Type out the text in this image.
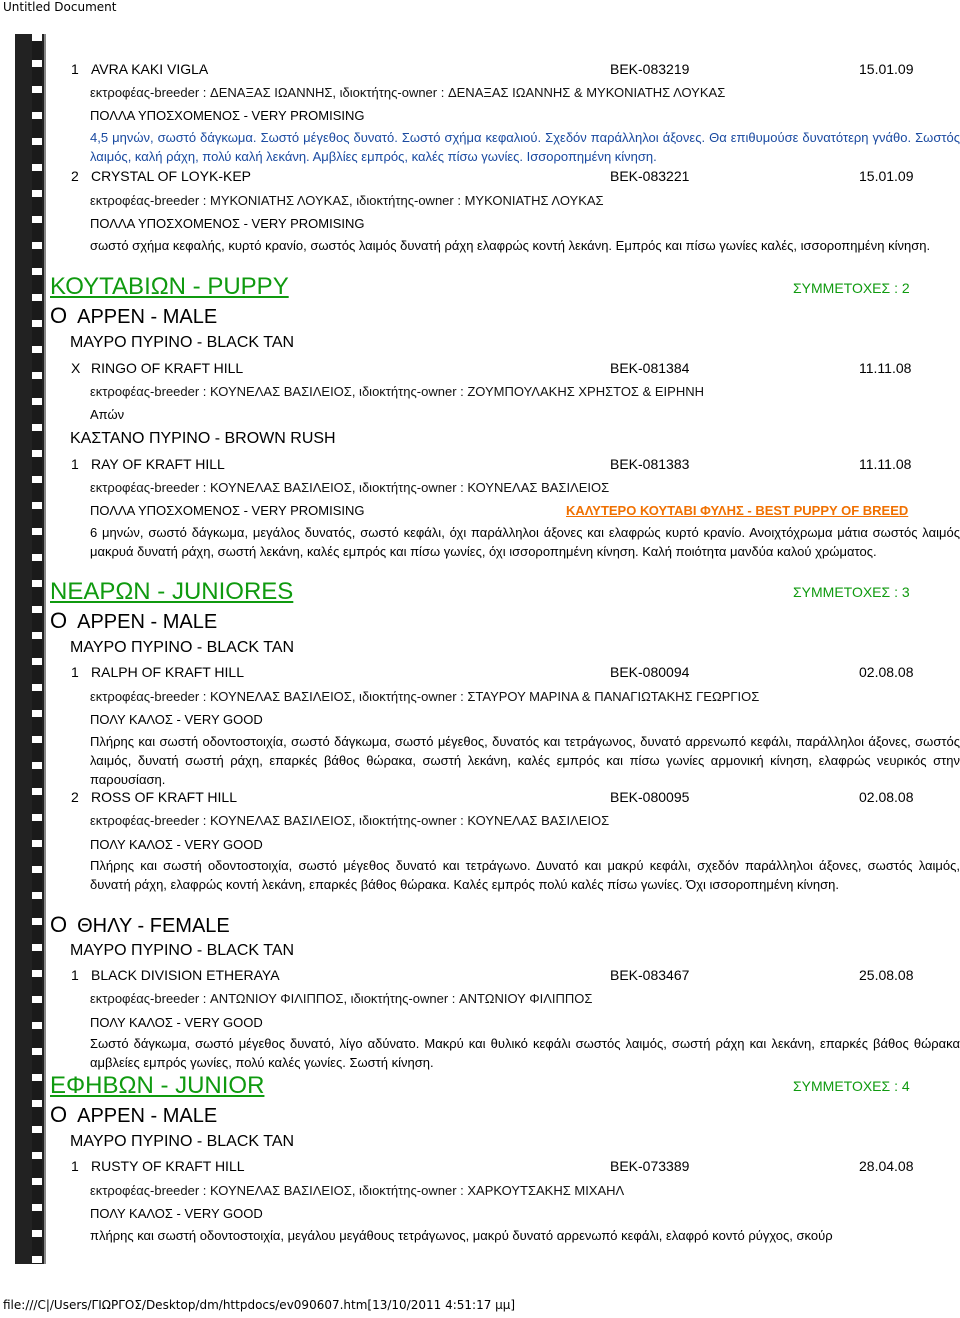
Untitled Document
1 AVRA KAKI VIGLA	BEK-083219	15.01.09
εκτροφέας-breeder : ΔΕΝΑΞΑΣ ΙΩΑΝΝΗΣ, ιδιοκτήτης-owner : ΔΕΝΑΞΑΣ ΙΩΑΝΝΗΣ & ΜΥΚΟΝΙΑΤΗΣ ΛΟΥΚΑΣ
ΠΟΛΛΑ ΥΠΟΣΧΟΜΕΝΟΣ - VERY PROMISING
4,5 μηνών, σωστό δάγκωμα. Σωστό μέγεθος δυνατό. Σωστό σχήμα κεφαλιού. Σχεδόν παράλληλοι άξονες. Θα επιθυμούσε δυνατότερη γνάθο. Σωστός λαιμός, καλή ράχη, πολύ καλή λεκάνη. Αμβλίες εμπρός, καλές πίσω γωνίες. Ισσοροπημένη κίνηση.
2 CRYSTAL OF LOYK-KEP	BEK-083221	15.01.09
εκτροφέας-breeder : ΜΥΚΟΝΙΑΤΗΣ ΛΟΥΚΑΣ, ιδιοκτήτης-owner : ΜΥΚΟΝΙΑΤΗΣ ΛΟΥΚΑΣ
ΠΟΛΛΑ ΥΠΟΣΧΟΜΕΝΟΣ - VERY PROMISING
σωστό σχήμα κεφαλής, κυρτό κρανίο, σωστός λαιμός δυνατή ράχη ελαφρώς κοντή λεκάνη. Εμπρός και πίσω γωνίες καλές, ισσοροπημένη κίνηση.
ΚΟΥΤΑΒΙΩΝ - PUPPY	ΣΥΜΜΕΤΟΧΕΣ : 2
Ο ΑΡΡΕΝ - MALE
ΜΑΥΡΟ ΠΥΡΙΝΟ - BLACK TAN
Χ RINGO OF KRAFT HILL	BEK-081384	11.11.08
εκτροφέας-breeder : ΚΟΥΝΕΛΑΣ ΒΑΣΙΛΕΙΟΣ, ιδιοκτήτης-owner : ΖΟΥΜΠΟΥΛΑΚΗΣ ΧΡΗΣΤΟΣ & ΕΙΡΗΝΗ
Απών
ΚΑΣΤΑΝΟ ΠΥΡΙΝΟ - BROWN RUSH
1 RAY OF KRAFT HILL	BEK-081383	11.11.08
εκτροφέας-breeder : ΚΟΥΝΕΛΑΣ ΒΑΣΙΛΕΙΟΣ, ιδιοκτήτης-owner : ΚΟΥΝΕΛΑΣ ΒΑΣΙΛΕΙΟΣ
ΠΟΛΛΑ ΥΠΟΣΧΟΜΕΝΟΣ - VERY PROMISING	ΚΑΛΥΤΕΡΟ ΚΟΥΤΑΒΙ ΦΥΛΗΣ - BEST PUPPY OF BREED
6 μηνών, σωστό δάγκωμα, μεγάλος δυνατός, σωστό κεφάλι, όχι παράλληλοι άξονες και ελαφρώς κυρτό κρανίο. Ανοιχτόχρωμα μάτια σωστός λαιμός μακρυά δυνατή ράχη, σωστή λεκάνη, καλές εμπρός και πίσω γωνίες, όχι ισσοροπημένη κίνηση. Καλή ποιότητα μανδύα καλού χρώματος.
ΝΕΑΡΩΝ - JUNIORES	ΣΥΜΜΕΤΟΧΕΣ : 3
Ο ΑΡΡΕΝ - MALE
ΜΑΥΡΟ ΠΥΡΙΝΟ - BLACK TAN
1 RALPH OF KRAFT HILL	BEK-080094	02.08.08
εκτροφέας-breeder : ΚΟΥΝΕΛΑΣ ΒΑΣΙΛΕΙΟΣ, ιδιοκτήτης-owner : ΣΤΑΥΡΟΥ ΜΑΡΙΝΑ & ΠΑΝΑΓΙΩΤΑΚΗΣ ΓΕΩΡΓΙΟΣ
ΠΟΛΥ ΚΑΛΟΣ - VERY GOOD
Πλήρης και σωστή οδοντοστοιχία, σωστό δάγκωμα, σωστό μέγεθος, δυνατός και τετράγωνος, δυνατό αρρενωπό κεφάλι, παράλληλοι άξονες, σωστός λαιμός, δυνατή σωστή ράχη, επαρκές βάθος θώρακα, σωστή λεκάνη, καλές εμπρός και πίσω γωνίες αρμονική κίνηση, ελαφρώς νευρικός στην παρουσίαση.
2 ROSS OF KRAFT HILL	BEK-080095	02.08.08
εκτροφέας-breeder : ΚΟΥΝΕΛΑΣ ΒΑΣΙΛΕΙΟΣ, ιδιοκτήτης-owner : ΚΟΥΝΕΛΑΣ ΒΑΣΙΛΕΙΟΣ
ΠΟΛΥ ΚΑΛΟΣ - VERY GOOD
Πλήρης και σωστή οδοντοστοιχία, σωστό μέγεθος δυνατό και τετράγωνο. Δυνατό και μακρύ κεφάλι, σχεδόν παράλληλοι άξονες, σωστός λαιμός, δυνατή ράχη, ελαφρώς κοντή λεκάνη, επαρκές βάθος θώρακα. Καλές εμπρός πολύ καλές πίσω γωνίες. Όχι ισσοροπημένη κίνηση.
Ο ΘΗΛΥ - FEMALE
ΜΑΥΡΟ ΠΥΡΙΝΟ - BLACK TAN
1 BLACK DIVISION ETHERAYA	BEK-083467	25.08.08
εκτροφέας-breeder : ΑΝΤΩΝΙΟΥ ΦΙΛΙΠΠΟΣ, ιδιοκτήτης-owner : ΑΝΤΩΝΙΟΥ ΦΙΛΙΠΠΟΣ
ΠΟΛΥ ΚΑΛΟΣ - VERY GOOD
Σωστό δάγκωμα, σωστό μέγεθος δυνατό, λίγο αδύνατο. Μακρύ και θυλικό κεφάλι σωστός λαιμός, σωστή ράχη και λεκάνη, επαρκές βάθος θώρακα αμβλείες εμπρός γωνίες, πολύ καλές γωνίες. Σωστή κίνηση.
ΕΦΗΒΩΝ - JUNIOR	ΣΥΜΜΕΤΟΧΕΣ : 4
Ο ΑΡΡΕΝ - MALE
ΜΑΥΡΟ ΠΥΡΙΝΟ - BLACK TAN
1 RUSTY OF KRAFT HILL	BEK-073389	28.04.08
εκτροφέας-breeder : ΚΟΥΝΕΛΑΣ ΒΑΣΙΛΕΙΟΣ, ιδιοκτήτης-owner : ΧΑΡΚΟΥΤΣΑΚΗΣ ΜΙΧΑΗΛ
ΠΟΛΥ ΚΑΛΟΣ - VERY GOOD
πλήρης και σωστή οδοντοστοιχία, μεγάλου μεγάθους τετράγωνος, μακρύ δυνατό αρρενωπό κεφάλι, ελαφρό κοντό ρύγχος, σκούρ
file:///C|/Users/ΓΙΩΡΓΟΣ/Desktop/dm/httpdocs/ev090607.htm[13/10/2011 4:51:17 μμ]
